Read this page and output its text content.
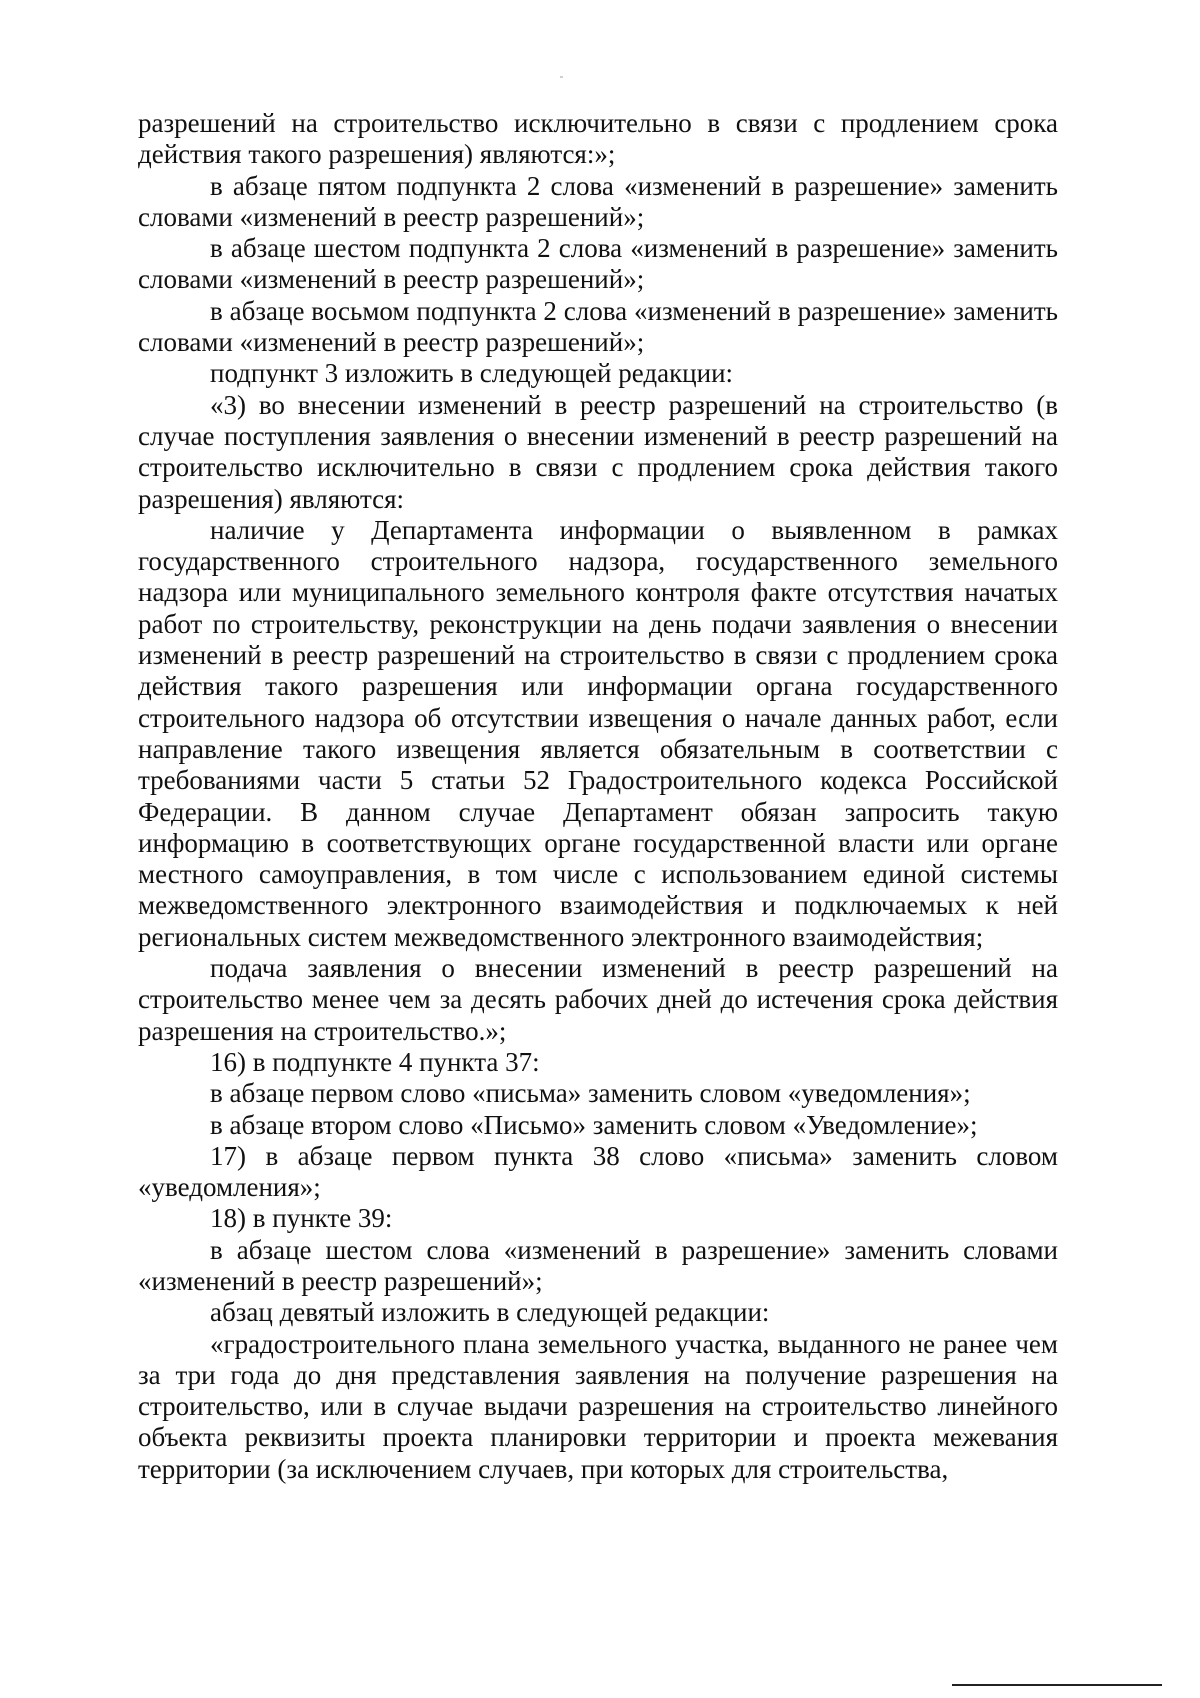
разрешений на строительство исключительно в связи с продлением срока действия такого разрешения) являются:»;

в абзаце пятом подпункта 2 слова «изменений в разрешение» заменить словами «изменений в реестр разрешений»;

в абзаце шестом подпункта 2 слова «изменений в разрешение» заменить словами «изменений в реестр разрешений»;

в абзаце восьмом подпункта 2 слова «изменений в разрешение» заменить словами «изменений в реестр разрешений»;

подпункт 3 изложить в следующей редакции:

«3) во внесении изменений в реестр разрешений на строительство (в случае поступления заявления о внесении изменений в реестр разрешений на строительство исключительно в связи с продлением срока действия такого разрешения) являются:

наличие у Департамента информации о выявленном в рамках государственного строительного надзора, государственного земельного надзора или муниципального земельного контроля факте отсутствия начатых работ по строительству, реконструкции на день подачи заявления о внесении изменений в реестр разрешений на строительство в связи с продлением срока действия такого разрешения или информации органа государственного строительного надзора об отсутствии извещения о начале данных работ, если направление такого извещения является обязательным в соответствии с требованиями части 5 статьи 52 Градостроительного кодекса Российской Федерации. В данном случае Департамент обязан запросить такую информацию в соответствующих органе государственной власти или органе местного самоуправления, в том числе с использованием единой системы межведомственного электронного взаимодействия и подключаемых к ней региональных систем межведомственного электронного взаимодействия;

подача заявления о внесении изменений в реестр разрешений на строительство менее чем за десять рабочих дней до истечения срока действия разрешения на строительство.»;

16) в подпункте 4 пункта 37:

в абзаце первом слово «письма» заменить словом «уведомления»;

в абзаце втором слово «Письмо» заменить словом «Уведомление»;

17) в абзаце первом пункта 38 слово «письма» заменить словом «уведомления»;

18) в пункте 39:

в абзаце шестом слова «изменений в разрешение» заменить словами «изменений в реестр разрешений»;

абзац девятый изложить в следующей редакции:

«градостроительного плана земельного участка, выданного не ранее чем за три года до дня представления заявления на получение разрешения на строительство, или в случае выдачи разрешения на строительство линейного объекта реквизиты проекта планировки территории и проекта межевания территории (за исключением случаев, при которых для строительства,
